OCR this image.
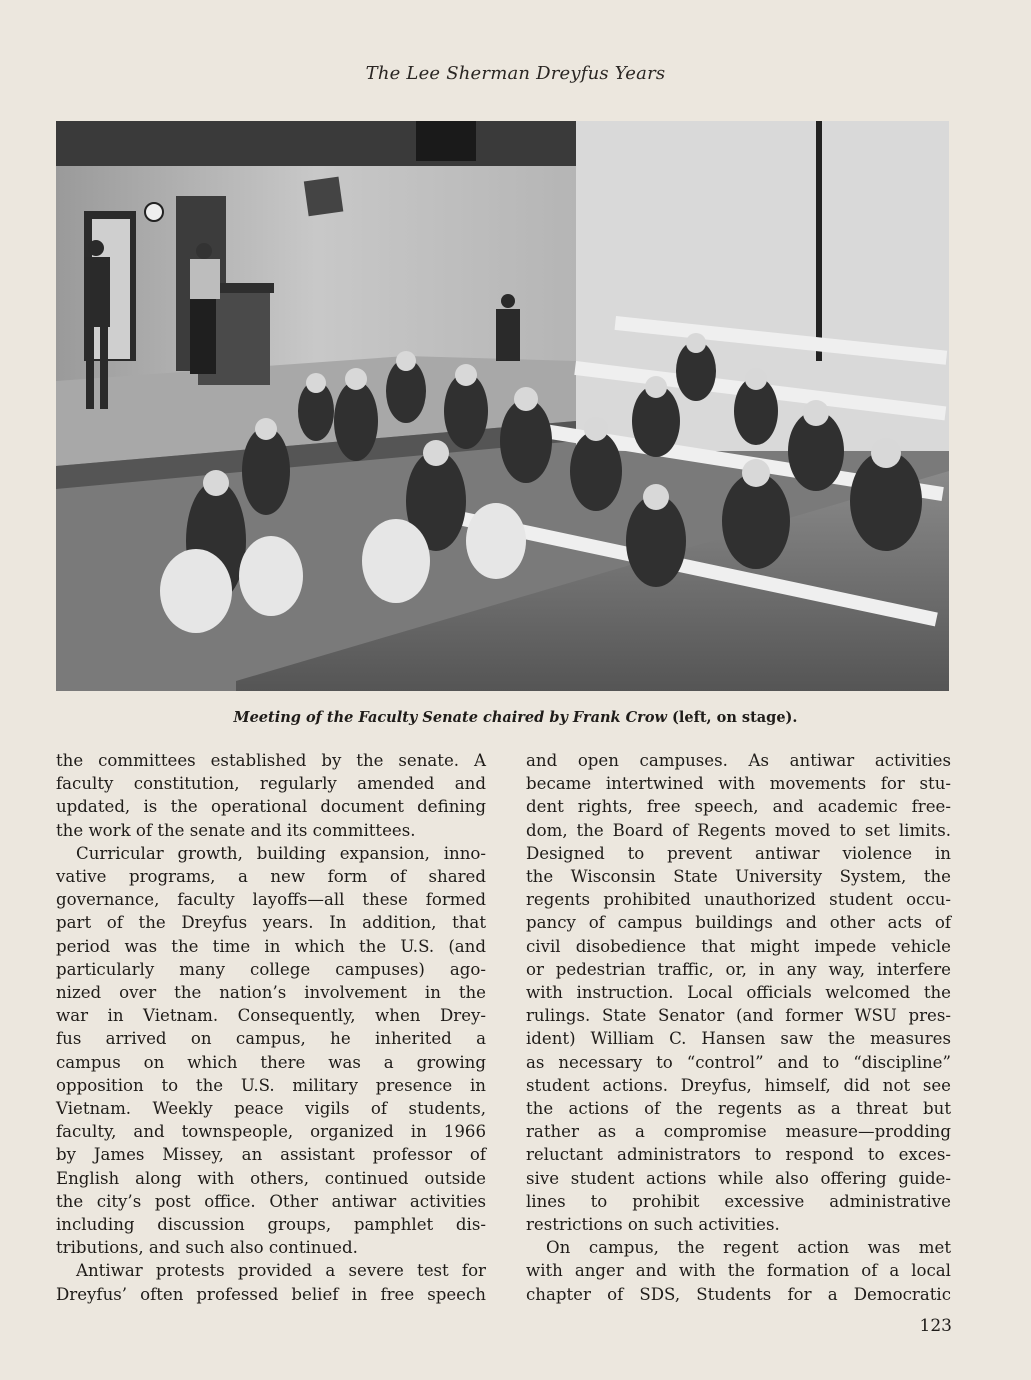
The Lee Sherman Dreyfus Years
Meeting of the Faculty Senate chaired by Frank Crow (left, on stage).
the committees established by the senate. A
faculty constitution, regularly amended and
updated, is the operational document defining
the work of the senate and its committees.
Curricular growth, building expansion, inno-
vative programs, a new form of shared
governance, faculty layoffs—all these formed
part of the Dreyfus years. In addition, that
period was the time in which the U.S. (and
particularly many college campuses) ago-
nized over the nation’s involvement in the
war in Vietnam. Consequently, when Drey-
fus arrived on campus, he inherited a
campus on which there was a growing
opposition to the U.S. military presence in
Vietnam. Weekly peace vigils of students,
faculty, and townspeople, organized in 1966
by James Missey, an assistant professor of
English along with others, continued outside
the city’s post office. Other antiwar activities
including discussion groups, pamphlet dis-
tributions, and such also continued.
Antiwar protests provided a severe test for
Dreyfus’ often professed belief in free speech
and open campuses. As antiwar activities
became intertwined with movements for stu-
dent rights, free speech, and academic free-
dom, the Board of Regents moved to set limits.
Designed to prevent antiwar violence in
the Wisconsin State University System, the
regents prohibited unauthorized student occu-
pancy of campus buildings and other acts of
civil disobedience that might impede vehicle
or pedestrian traffic, or, in any way, interfere
with instruction. Local officials welcomed the
rulings. State Senator (and former WSU pres-
ident) William C. Hansen saw the measures
as necessary to “control” and to “discipline”
student actions. Dreyfus, himself, did not see
the actions of the regents as a threat but
rather as a compromise measure—prodding
reluctant administrators to respond to exces-
sive student actions while also offering guide-
lines to prohibit excessive administrative
restrictions on such activities.
On campus, the regent action was met
with anger and with the formation of a local
chapter of SDS, Students for a Democratic
123
